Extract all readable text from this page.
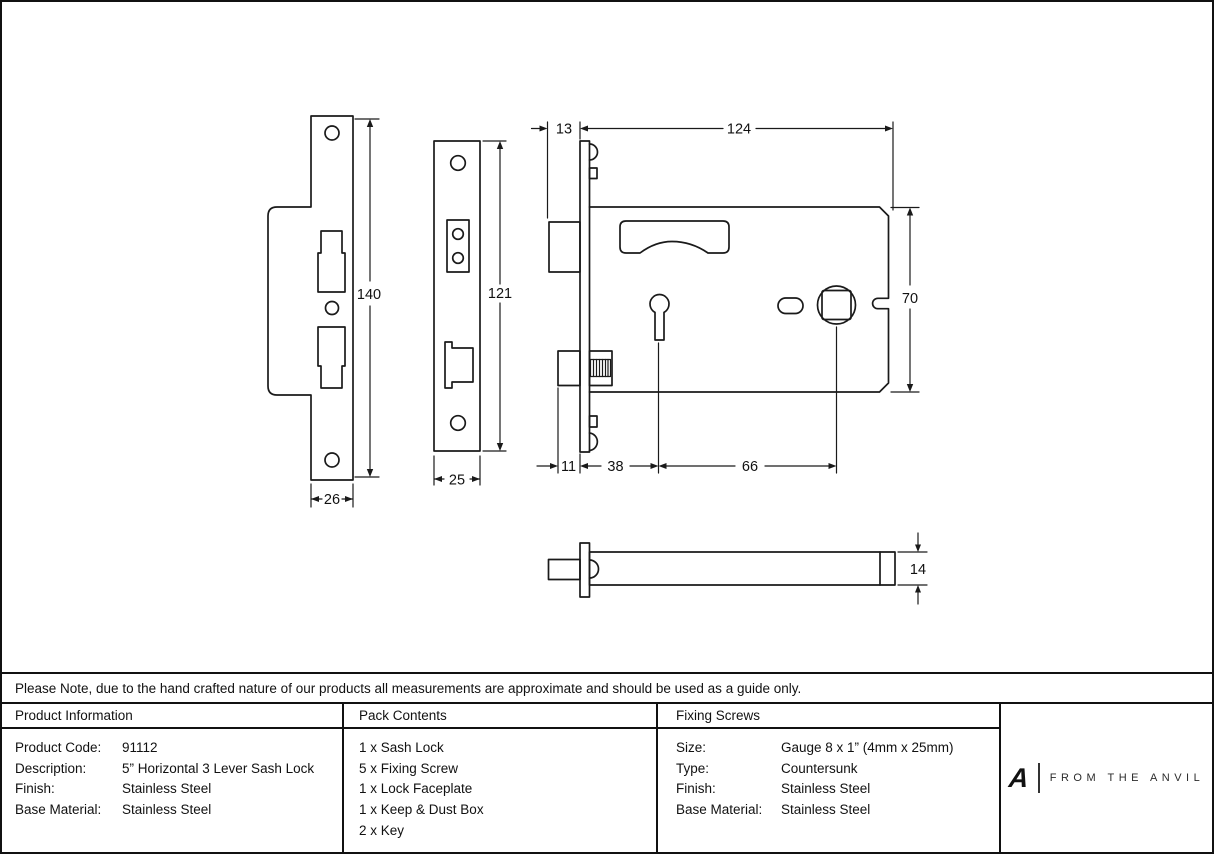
140
26
121
25
13	124
70
11 38	66
14
Please Note, due to the hand crafted nature of our products all measurements are approximate and should be used as a guide only.
Product Information
Product Code:	91112
Description:	5” Horizontal 3 Lever Sash Lock
Finish:	Stainless Steel
Base Material:	Stainless Steel
Pack Contents
1 x Sash Lock
5 x Fixing Screw
1 x Lock Faceplate
1 x Keep & Dust Box
2 x Key
Fixing Screws
Size:	Gauge 8 x 1” (4mm x 25mm)
Type:	Countersunk
Finish:	Stainless Steel
Base Material:	Stainless Steel
A FROM THE ANVIL
